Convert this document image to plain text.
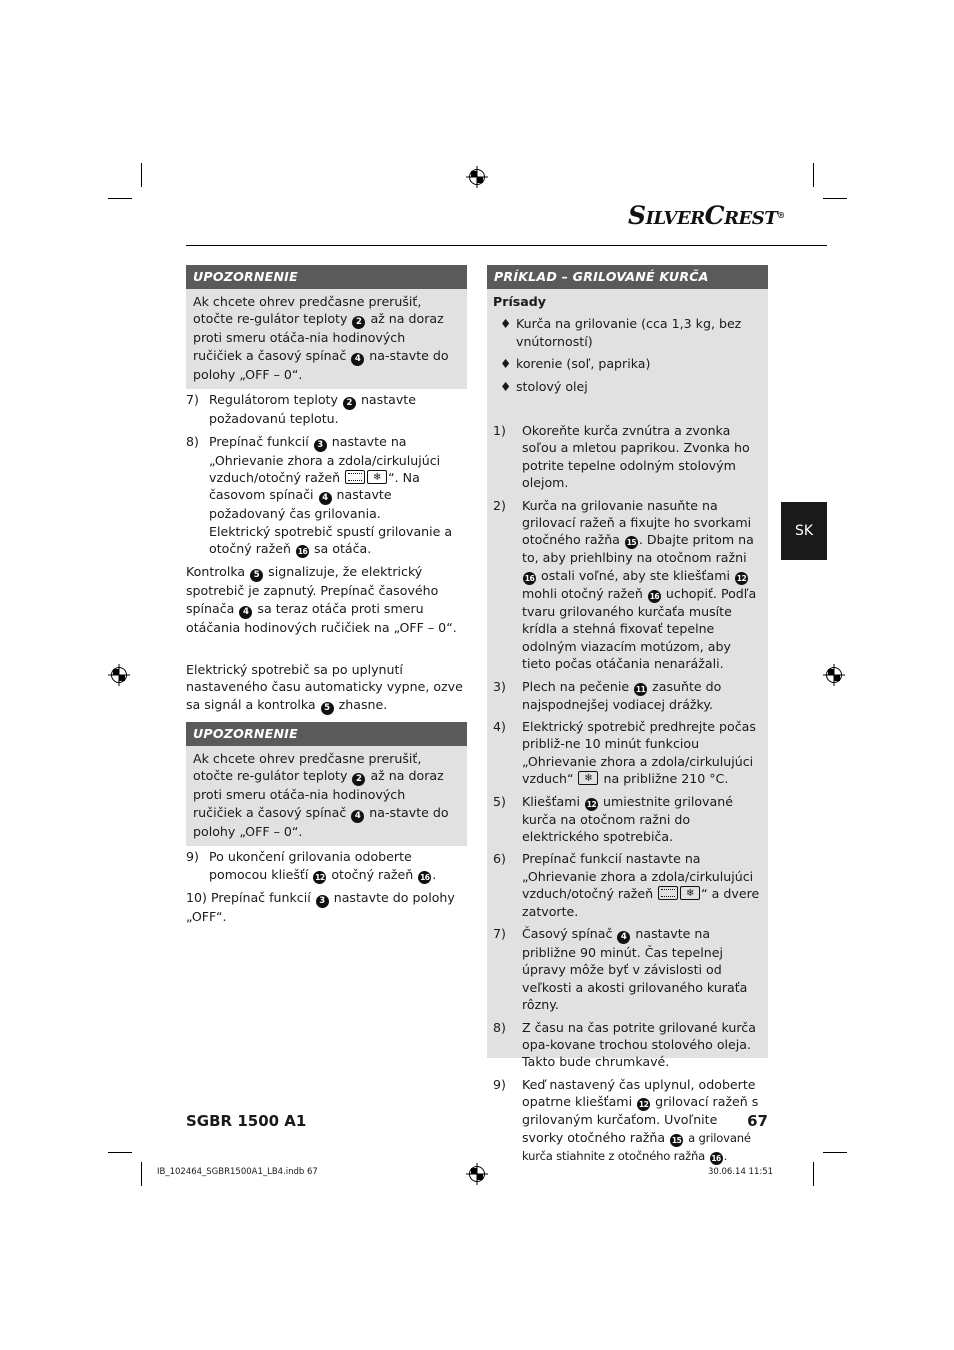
SILVERCREST®
UPOZORNENIE

Ak chcete ohrev predčasne prerušiť, otočte re-gulátor teploty 2 až na doraz proti smeru otáča-nia hodinových ručičiek a časový spínač 4 na-stavte do polohy „OFF – 0“.

7) Regulátorom teploty 2 nastavte požadovanú teplotu.
8) Prepínač funkcií 3 nastavte na „Ohrievanie zhora a zdola/cirkulujúci vzduch/otočný ražeň ❄	“. Na časovom spínači 4 nastavte požadovaný čas grilovania.
Elektrický spotrebič spustí grilovanie a otočný ražeň 16 sa otáča.

Kontrolka 5 signalizuje, že elektrický spotrebič je zapnutý. Prepínač časového spínača 4 sa teraz otáča proti smeru otáčania hodinových ručičiek na „OFF – 0“.

Elektrický spotrebič sa po uplynutí nastaveného času automaticky vypne, ozve sa signál a kontrolka 5 zhasne.

UPOZORNENIE

Ak chcete ohrev predčasne prerušiť, otočte re-gulátor teploty 2 až na doraz proti smeru otáča-nia hodinových ručičiek a časový spínač 4 na-stavte do polohy „OFF – 0“.

9) Po ukončení grilovania odoberte pomocou kliešťí 12 otočný ražeň 16 .
10) Prepínač funkcií 3 nastavte do polohy „OFF“.
PRÍKLAD – GRILOVANÉ KURČA

Prísady

♦ Kurča na grilovanie (cca 1,3 kg, bez vnútorností)
♦ korenie (soľ, paprika)
♦ stolový olej
1)	Okoreňte kurča zvnútra a zvonka soľou a mletou paprikou. Zvonka ho potrite tepelne odolným stolovým olejom.
2)	Kurča na grilovanie nasuňte na grilovací ražeň a fixujte ho svorkami otočného ražňa 15 . Dbajte pritom na to, aby priehlbiny na otočnom ražni 16 ostali voľné, aby ste kliešťami 12 mohli otočný ražeň 16 uchopiť. Podľa tvaru grilovaného kurčaťa musíte krídla a stehná fixovať tepelne odolným viazacím motúzom, aby tieto počas otáčania nenarážali.
3)	Plech na pečenie 11 zasuňte do najspodnejšej vodiacej drážky.
4)	Elektrický spotrebič predhrejte počas približ-ne 10 minút funkciou „Ohrievanie zhora a zdola/cirkulujúci vzduch“ ❄ na približne 210 °C.
5)	Kliešťami 12 umiestnite grilované kurča na otočnom ražni do elektrického spotrebiča.
6)	Prepínač funkcií nastavte na „Ohrievanie zhora a zdola/cirkulujúci vzduch/otočný ražeň ❄	“ a dvere zatvorte.
7)	Časový spínač 4 nastavte na približne 90 minút. Čas tepelnej úpravy môže byť v závislosti od veľkosti a akosti grilovaného kuraťa rôzny.
8)	Z času na čas potrite grilované kurča opa-kovane trochou stolového oleja. Takto bude chrumkavé.
9)	Keď nastavený čas uplynul, odoberte opatrne kliešťami 12 grilovací ražeň s grilovaným kurčaťom. Uvoľnite svorky otočného ražňa 15 a grilované kurča stiahnite z otočného ražňa 16 .
SK
SGBR 1500 A1	67
IB_102464_SGBR1500A1_LB4.indb 67	30.06.14 11:51
